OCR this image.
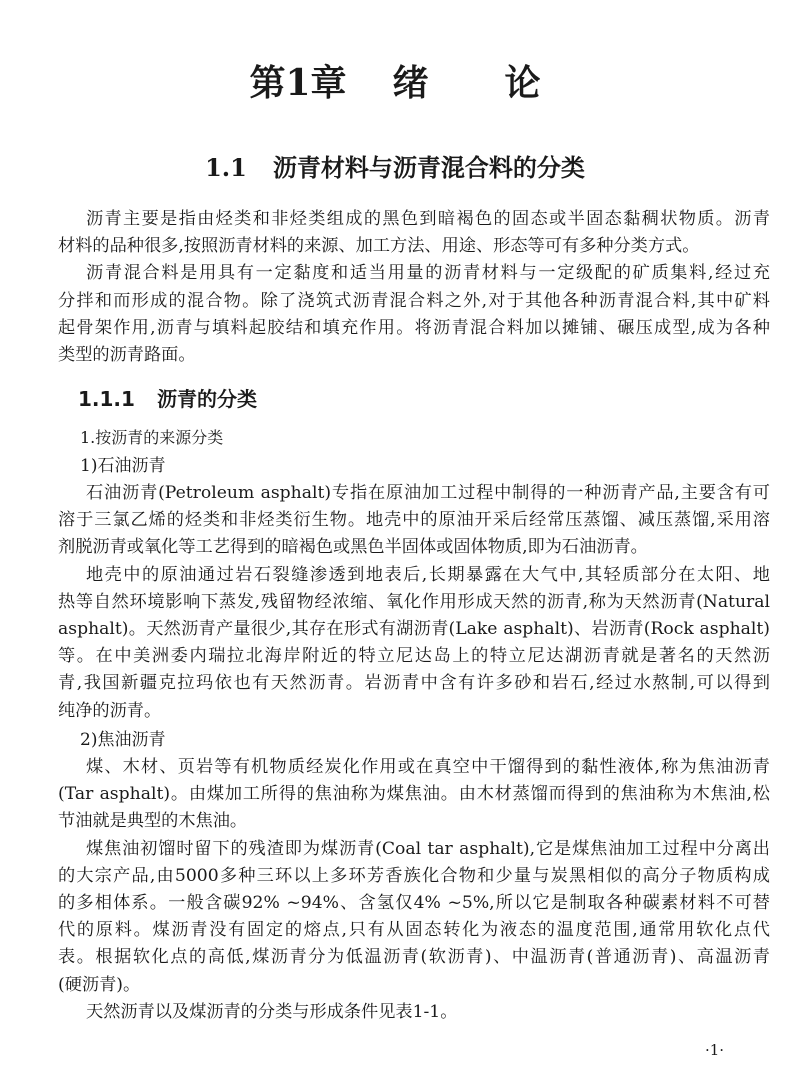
第1章 绪 论
1.1 沥青材料与沥青混合料的分类
沥青主要是指由烃类和非烃类组成的黑色到暗褐色的固态或半固态黏稠状物质。沥青
材料的品种很多,按照沥青材料的来源、加工方法、用途、形态等可有多种分类方式。
沥青混合料是用具有一定黏度和适当用量的沥青材料与一定级配的矿质集料,经过充
分拌和而形成的混合物。除了浇筑式沥青混合料之外,对于其他各种沥青混合料,其中矿料
起骨架作用,沥青与填料起胶结和填充作用。将沥青混合料加以摊铺、碾压成型,成为各种
类型的沥青路面。
1.1.1 沥青的分类
1.按沥青的来源分类
1)石油沥青
石油沥青(Petroleum asphalt)专指在原油加工过程中制得的一种沥青产品,主要含有可
溶于三氯乙烯的烃类和非烃类衍生物。地壳中的原油开采后经常压蒸馏、减压蒸馏,采用溶
剂脱沥青或氧化等工艺得到的暗褐色或黑色半固体或固体物质,即为石油沥青。
地壳中的原油通过岩石裂缝渗透到地表后,长期暴露在大气中,其轻质部分在太阳、地
热等自然环境影响下蒸发,残留物经浓缩、氧化作用形成天然的沥青,称为天然沥青(Natural
asphalt)。天然沥青产量很少,其存在形式有湖沥青(Lake asphalt)、岩沥青(Rock asphalt)
等。在中美洲委内瑞拉北海岸附近的特立尼达岛上的特立尼达湖沥青就是著名的天然沥
青,我国新疆克拉玛依也有天然沥青。岩沥青中含有许多砂和岩石,经过水熬制,可以得到
纯净的沥青。
2)焦油沥青
煤、木材、页岩等有机物质经炭化作用或在真空中干馏得到的黏性液体,称为焦油沥青
(Tar asphalt)。由煤加工所得的焦油称为煤焦油。由木材蒸馏而得到的焦油称为木焦油,松
节油就是典型的木焦油。
煤焦油初馏时留下的残渣即为煤沥青(Coal tar asphalt),它是煤焦油加工过程中分离出
的大宗产品,由5000多种三环以上多环芳香族化合物和少量与炭黑相似的高分子物质构成
的多相体系。一般含碳92% ~94%、含氢仅4% ~5%,所以它是制取各种碳素材料不可替
代的原料。煤沥青没有固定的熔点,只有从固态转化为液态的温度范围,通常用软化点代
表。根据软化点的高低,煤沥青分为低温沥青(软沥青)、中温沥青(普通沥青)、高温沥青
(硬沥青)。
天然沥青以及煤沥青的分类与形成条件见表1-1。
·1·
